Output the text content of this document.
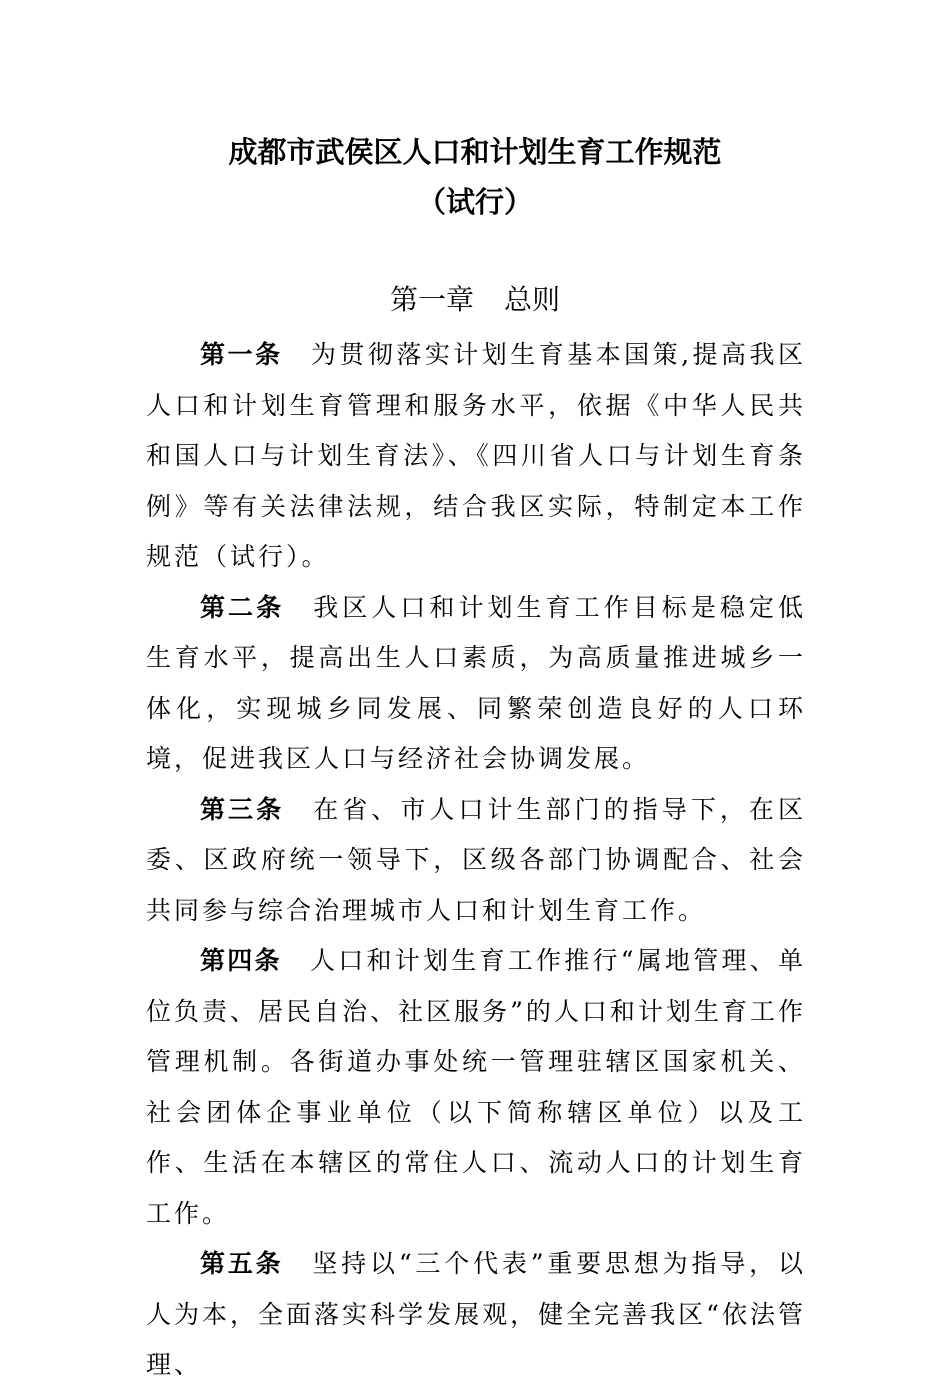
成都市武侯区人口和计划生育工作规范
（试行）
第一章 总则

第一条 为贯彻落实计划生育基本国策,提高我区人口和计划生育管理和服务水平，依据《中华人民共和国人口与计划生育法》、《四川省人口与计划生育条例》等有关法律法规，结合我区实际，特制定本工作规范（试行）。

第二条 我区人口和计划生育工作目标是稳定低生育水平，提高出生人口素质，为高质量推进城乡一体化，实现城乡同发展、同繁荣创造良好的人口环境，促进我区人口与经济社会协调发展。

第三条 在省、市人口计生部门的指导下，在区委、区政府统一领导下，区级各部门协调配合、社会共同参与综合治理城市人口和计划生育工作。

第四条 人口和计划生育工作推行“属地管理、单位负责、居民自治、社区服务”的人口和计划生育工作管理机制。各街道办事处统一管理驻辖区国家机关、社会团体企事业单位（以下简称辖区单位）以及工作、生活在本辖区的常住人口、流动人口的计划生育工作。

第五条 坚持以“三个代表”重要思想为指导，以人为本，全面落实科学发展观，健全完善我区“依法管理、
